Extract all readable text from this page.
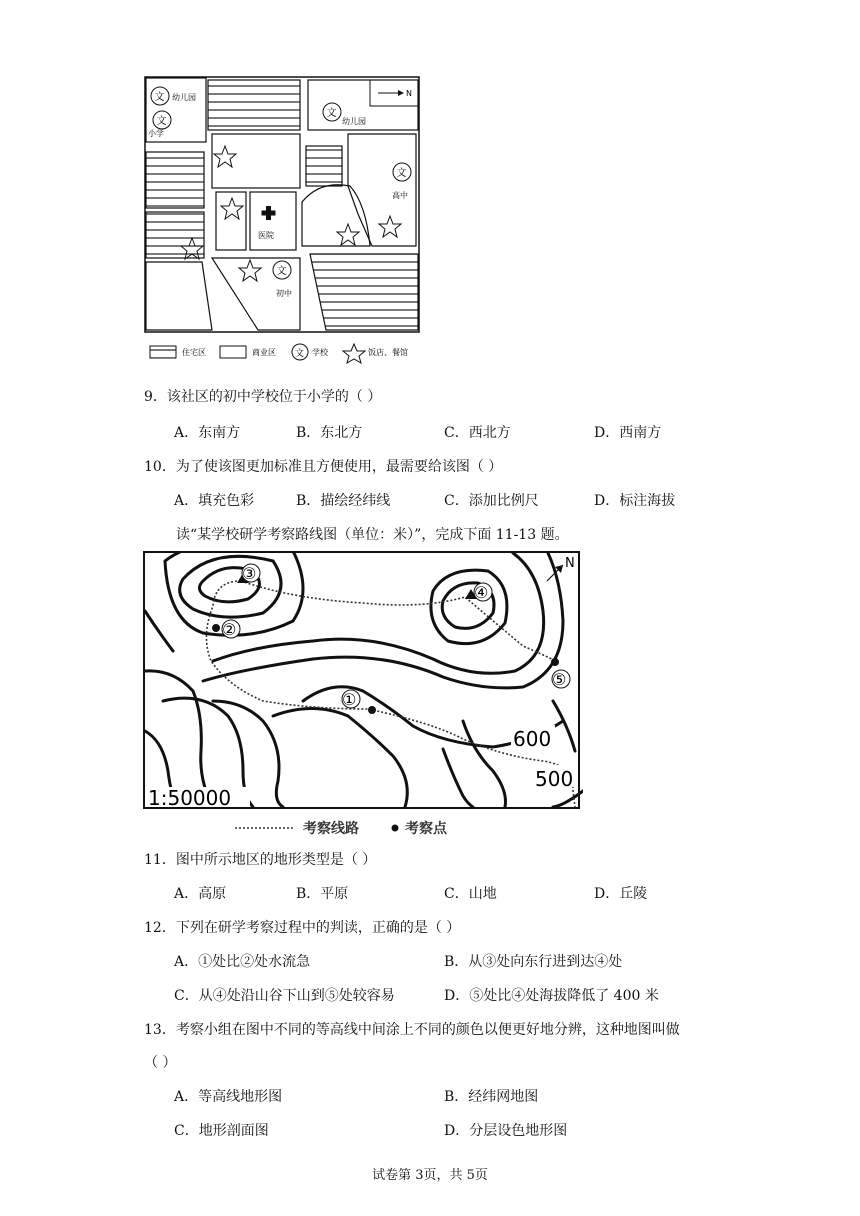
N
文
文
文
文
文
幼儿园
小学
幼儿园
高中
医院
初中
住宅区	商业区 文 学校	饭店、餐馆
9．该社区的初中学校位于小学的（ ）
A．东南方	B．东北方	C．西北方	D．西南方
10．为了使该图更加标准且方便使用，最需要给该图（ ）
A．填充色彩	B．描绘经纬线	C．添加比例尺	D．标注海拔
读“某学校研学考察路线图（单位：米）”，完成下面 11-13 题。
③
②
④
①
⑤
N
600
500
1:50000
考察线路	考察点
11．图中所示地区的地形类型是（ ）
A．高原	B．平原	C．山地	D．丘陵
12．下列在研学考察过程中的判读，正确的是（ ）
A．①处比②处水流急	B．从③处向东行进到达④处
C．从④处沿山谷下山到⑤处较容易	D．⑤处比④处海拔降低了 400 米
13．考察小组在图中不同的等高线中间涂上不同的颜色以便更好地分辨，这种地图叫做
（ ）
A．等高线地形图	B．经纬网地图
C．地形剖面图	D．分层设色地形图
试卷第 3页，共 5页
